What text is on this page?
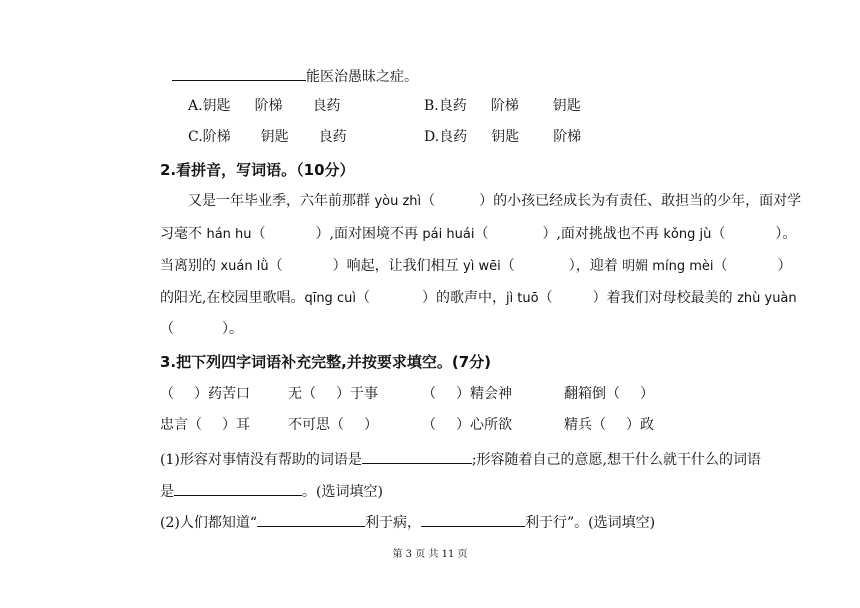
能医治愚昧之症。
A.钥匙 阶梯 良药	B.良药 阶梯 钥匙
C.阶梯 钥匙 良药	D.良药 钥匙 阶梯
2.看拼音，写词语。（10分）
又是一年毕业季，六年前那群 yòu zhì（	）的小孩已经成长为有责任、敢担当的少年，面对学
习毫不 hán hu（	）,面对困境不再 pái huái（	）,面对挑战也不再 kǒng jù（	）。
当离别的 xuán lǜ（	）响起，让我们相互 yì wēi（	），迎着 明媚 míng mèi（	）
的阳光,在校园里歌唱。qīng cuì（	）的歌声中，jì tuō（	）着我们对母校最美的 zhù yuàn
（	）。
3.把下列四字词语补充完整,并按要求填空。(7分)
（ ）药苦口	无（ ）于事	（ ）精会神	翻箱倒（ ）
忠言（ ）耳	不可思（ ）	（ ）心所欲	精兵（ ）政
(1)形容对事情没有帮助的词语是	;形容随着自己的意愿,想干什么就干什么的词语
是	。(选词填空)
(2)人们都知道“	利于病，	利于行”。(选词填空)
第 3 页 共 11 页
